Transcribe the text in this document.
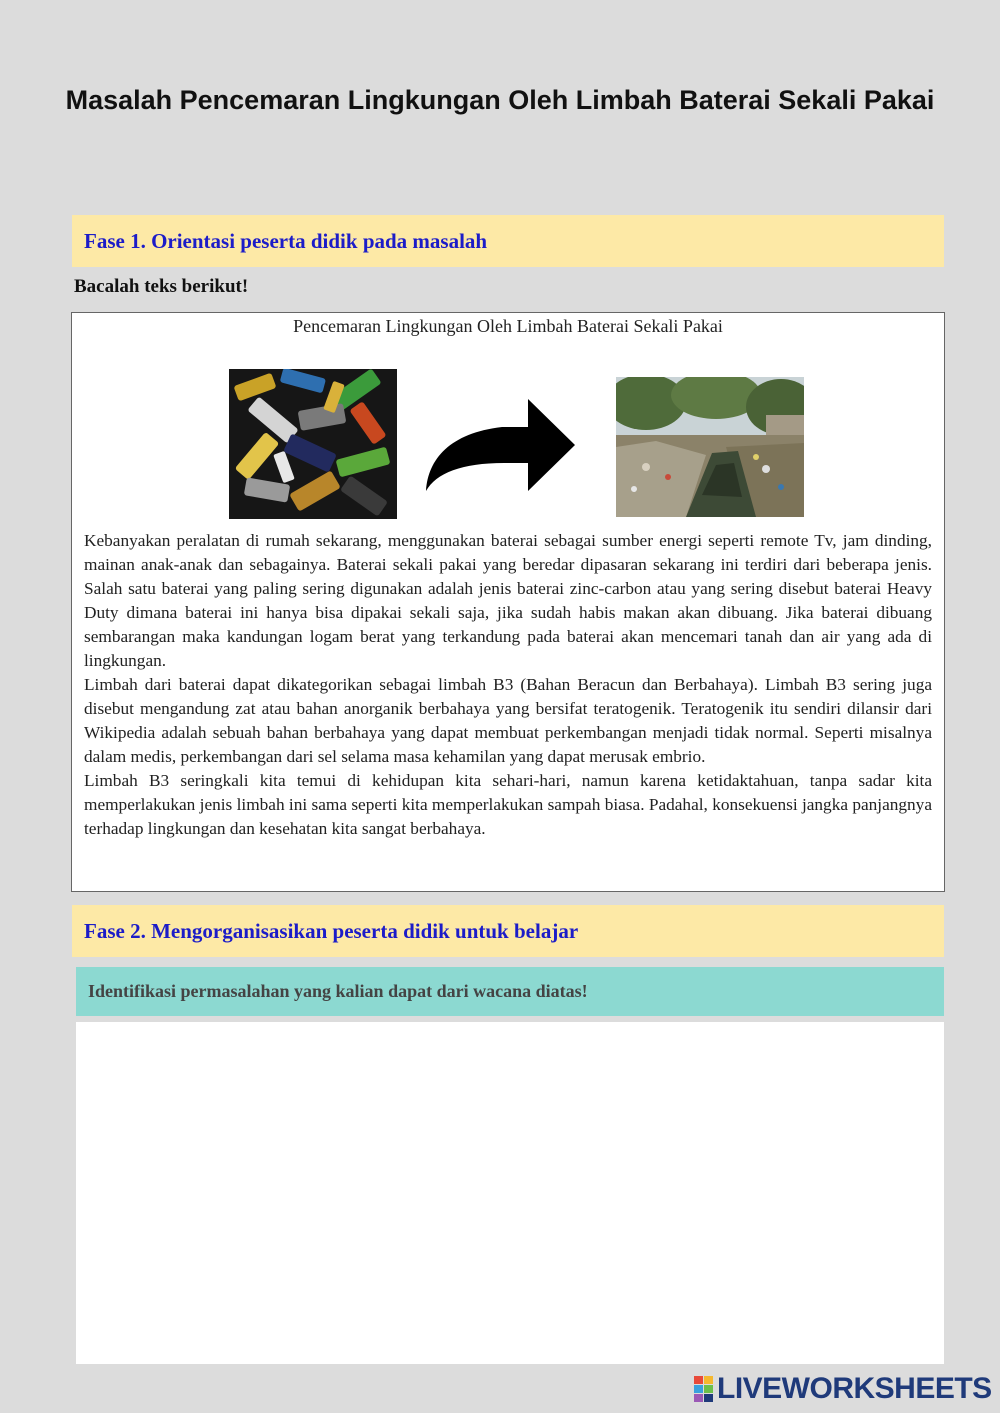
Masalah Pencemaran Lingkungan Oleh Limbah Baterai Sekali Pakai
Fase 1. Orientasi peserta didik pada masalah
Bacalah teks berikut!
Pencemaran Lingkungan Oleh Limbah Baterai Sekali Pakai

Kebanyakan peralatan di rumah sekarang, menggunakan baterai sebagai sumber energi seperti remote Tv, jam dinding, mainan anak-anak dan sebagainya. Baterai sekali pakai yang beredar dipasaran sekarang ini terdiri dari beberapa jenis. Salah satu baterai yang paling sering digunakan adalah jenis baterai zinc-carbon atau yang sering disebut baterai Heavy Duty dimana baterai ini hanya bisa dipakai sekali saja, jika sudah habis makan akan dibuang. Jika baterai dibuang sembarangan maka kandungan logam berat yang terkandung pada baterai akan mencemari tanah dan air yang ada di lingkungan.

Limbah dari baterai dapat dikategorikan sebagai limbah B3 (Bahan Beracun dan Berbahaya). Limbah B3 sering juga disebut mengandung zat atau bahan anorganik berbahaya yang bersifat teratogenik. Teratogenik itu sendiri dilansir dari Wikipedia adalah sebuah bahan berbahaya yang dapat membuat perkembangan menjadi tidak normal. Seperti misalnya dalam medis, perkembangan dari sel selama masa kehamilan yang dapat merusak embrio.

Limbah B3 seringkali kita temui di kehidupan kita sehari-hari, namun karena ketidaktahuan, tanpa sadar kita memperlakukan jenis limbah ini sama seperti kita memperlakukan sampah biasa. Padahal, konsekuensi jangka panjangnya terhadap lingkungan dan kesehatan kita sangat berbahaya.

Fase 2. Mengorganisasikan peserta didik untuk belajar
Identifikasi permasalahan yang kalian dapat dari wacana diatas!
LIVEWORKSHEETS
